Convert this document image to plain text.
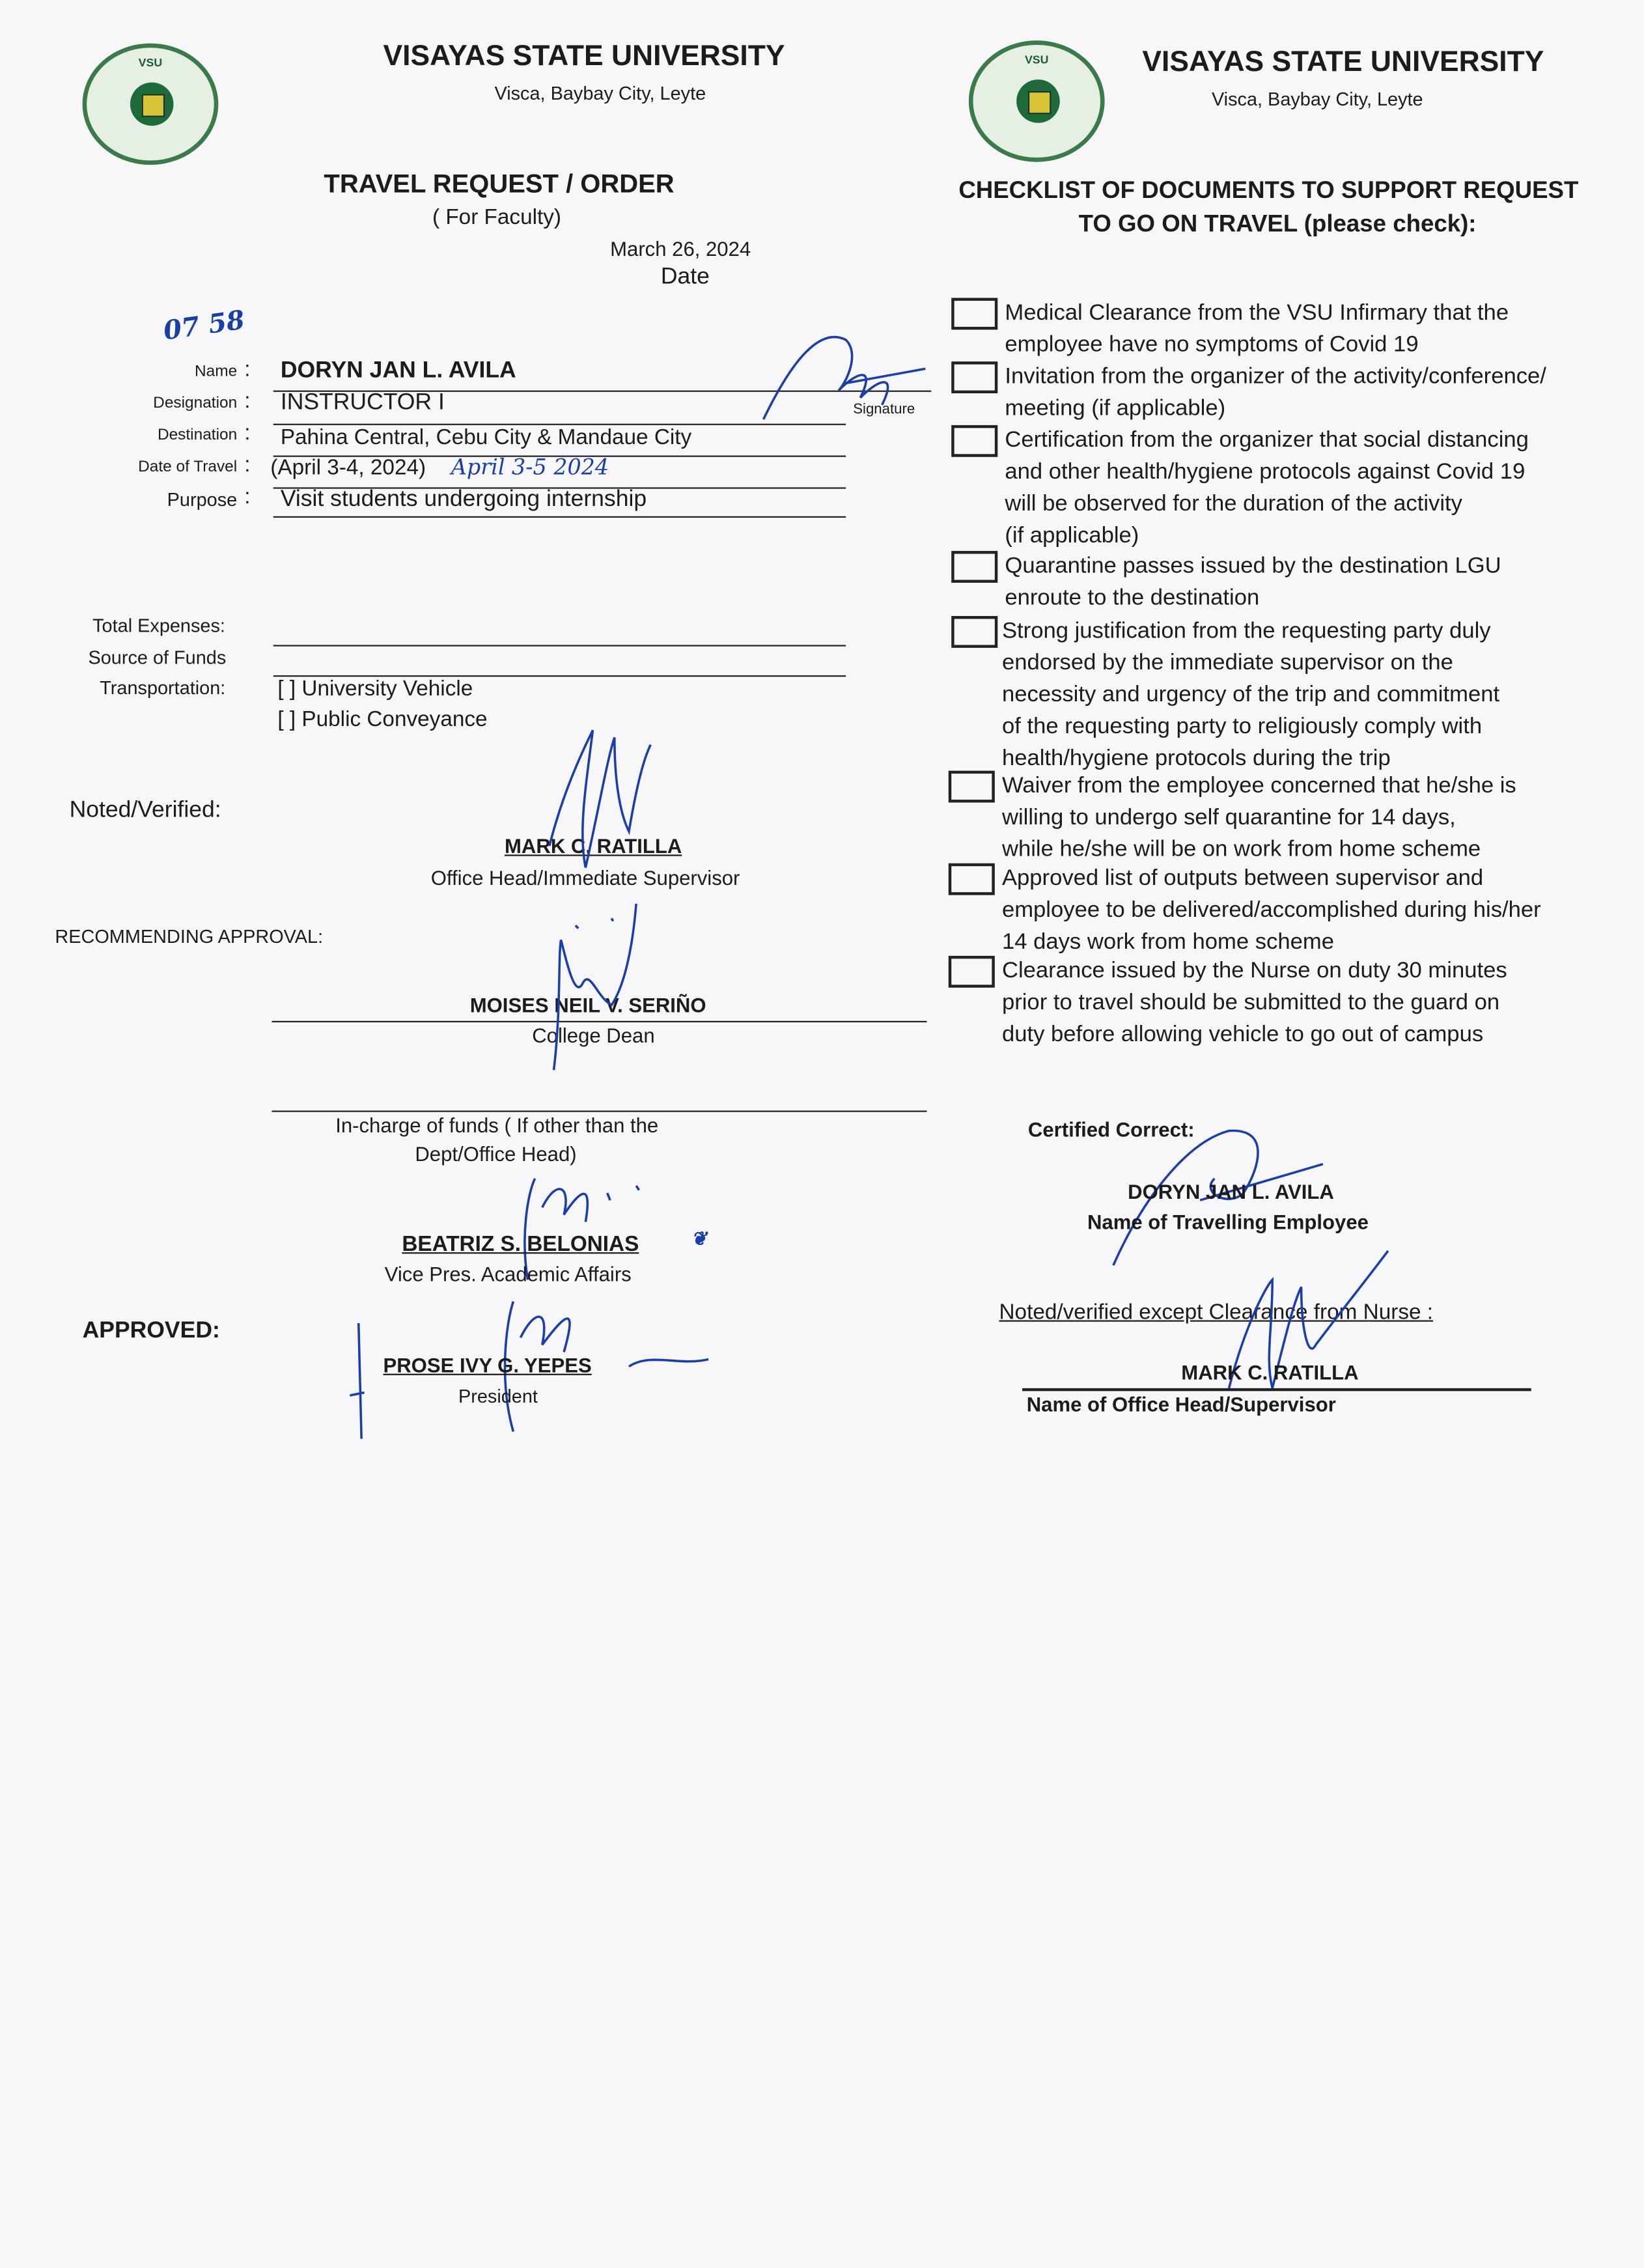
VSU	VISAYAS STATE UNIVERSITY
Visca, Baybay City, Leyte
TRAVEL REQUEST / ORDER
( For Faculty)
March 26, 2024
Date
07 58
Name :	DORYN JAN L. AVILA
Designation :	INSTRUCTOR I
Destination :	Pahina Central, Cebu City & Mandaue City
Date of Travel : (April 3-4, 2024)	April 3-5 2024
Purpose :	Visit students undergoing internship
Signature
Total Expenses:
Source of Funds
Transportation:	[ ] University Vehicle
[ ] Public Conveyance
Noted/Verified:
MARK C. RATILLA
Office Head/Immediate Supervisor
RECOMMENDING APPROVAL:
MOISES NEIL V. SERIÑO
College Dean
In-charge of funds ( If other than the
Dept/Office Head)
BEATRIZ S. BELONIAS	❦
Vice Pres. Academic Affairs
APPROVED:
PROSE IVY G. YEPES
President
VSU	VISAYAS STATE UNIVERSITY
Visca, Baybay City, Leyte
CHECKLIST OF DOCUMENTS TO SUPPORT REQUEST
TO GO ON TRAVEL (please check):
Medical Clearance from the VSU Infirmary that the
employee have no symptoms of Covid 19
Invitation from the organizer of the activity/conference/
meeting (if applicable)
Certification from the organizer that social distancing
and other health/hygiene protocols against Covid 19
will be observed for the duration of the activity
(if applicable)
Quarantine passes issued by the destination LGU
enroute to the destination
Strong justification from the requesting party duly
endorsed by the immediate supervisor on the
necessity and urgency of the trip and commitment
of the requesting party to religiously comply with
health/hygiene protocols during the trip
Waiver from the employee concerned that he/she is
willing to undergo self quarantine for 14 days,
while he/she will be on work from home scheme
Approved list of outputs between supervisor and
employee to be delivered/accomplished during his/her
14 days work from home scheme
Clearance issued by the Nurse on duty 30 minutes
prior to travel should be submitted to the guard on
duty before allowing vehicle to go out of campus
Certified Correct:
DORYN JAN L. AVILA
Name of Travelling Employee
Noted/verified except Clearance from Nurse :
MARK C. RATILLA
Name of Office Head/Supervisor
